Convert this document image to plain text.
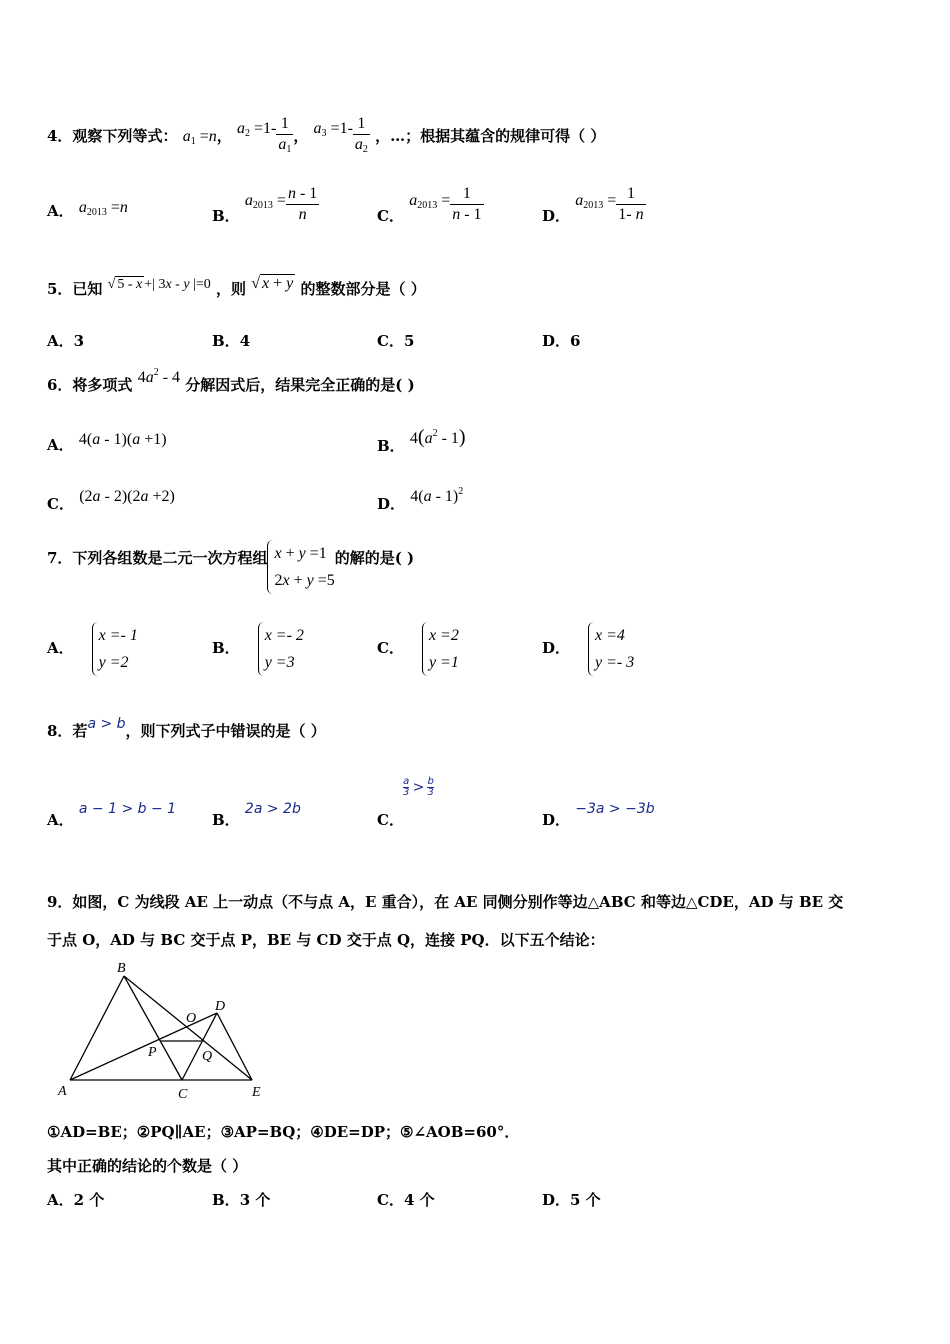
4．观察下列等式： $a_1 =n$， $a_2 =1- \frac{1}{a_1}$ ， $a_3 =1- \frac{1}{a_2}$ ，…；根据其蕴含的规律可得（ ）
A． $a_{2013} =n$	B． $a_{2013} = \frac{n - 1}{n}$	C． $a_{2013} = \frac{1}{n - 1}$	D． $a_{2013} = \frac{1}{1- n}$
5．已知 √ 5 - x +| 3x - y |=0 ，则 √ x + y 的整数部分是（ ）
A．3	B．4	C．5	D．6
6．将多项式 $4a^2 - 4$ 分解因式后，结果完全正确的是( )
A． 4(a - 1)(a +1)	B． $4(a^2 - 1)$
C． (2a - 2)(2a +2)	D． 4(a - 1)$^2$
7．下列各组数是二元一次方程组 x + y =1
2x + y =5的解的是( )
A．x =- 1
y =2
B．x =- 2
y =3
C．x =2
y =1
D．x =4
y =- 3
8．若a > b，则下列式子中错误的是（ ）
A． a − 1 > b − 1
B． 2a > 2b
C．
$\frac{a}{3} > \frac{b}{3}$
D． −3a > −3b
9．如图，C 为线段 AE 上一动点（不与点 A，E 重合），在 AE 同侧分别作等边△ABC 和等边△CDE，AD 与 BE 交
于点 O，AD 与 BC 交于点 P，BE 与 CD 交于点 Q，连接 PQ．以下五个结论：
B
D
O
P	Q
A	C	E
①AD=BE；②PQ∥AE；③AP=BQ；④DE=DP；⑤∠AOB=60°．
其中正确的结论的个数是（ ）
A．2 个	B．3 个	C．4 个	D．5 个
